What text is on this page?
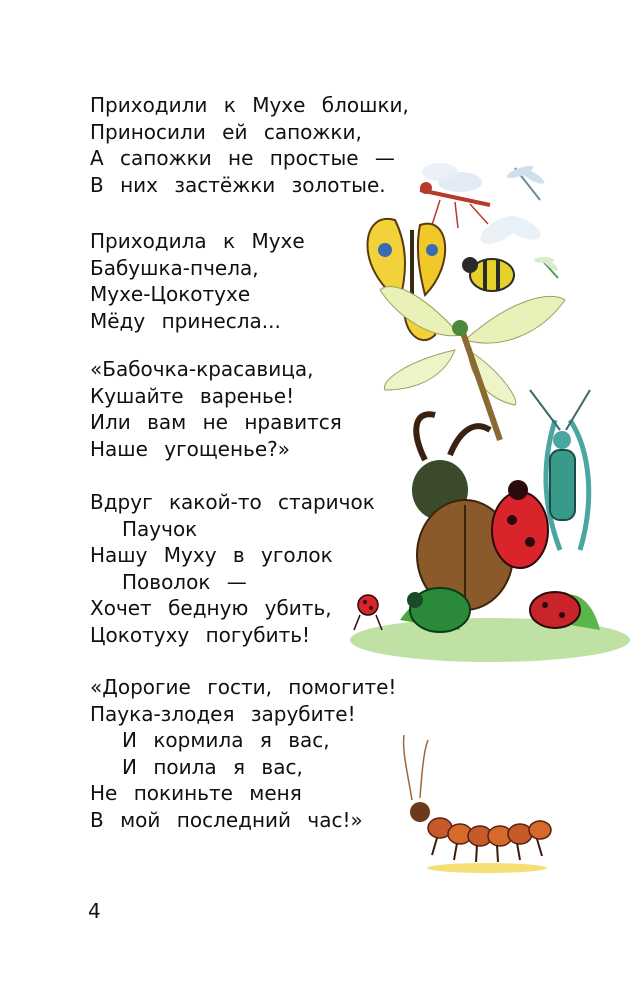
Приходили к Мухе блошки,
Приносили ей сапожки,
А сапожки не простые —
В них застёжки золотые.
Приходила к Мухе
Бабушка-пчела,
Мухе-Цокотухе
Мёду принесла...
«Бабочка-красавица,
Кушайте варенье!
Или вам не нравится
Наше угощенье?»
Вдруг какой-то старичок
Паучок
Нашу Муху в уголок
Поволок —
Хочет бедную убить,
Цокотуху погубить!
«Дорогие гости, помогите!
Паука-злодея зарубите!
И кормила я вас,
И поила я вас,
Не покиньте меня
В мой последний час!»
4
